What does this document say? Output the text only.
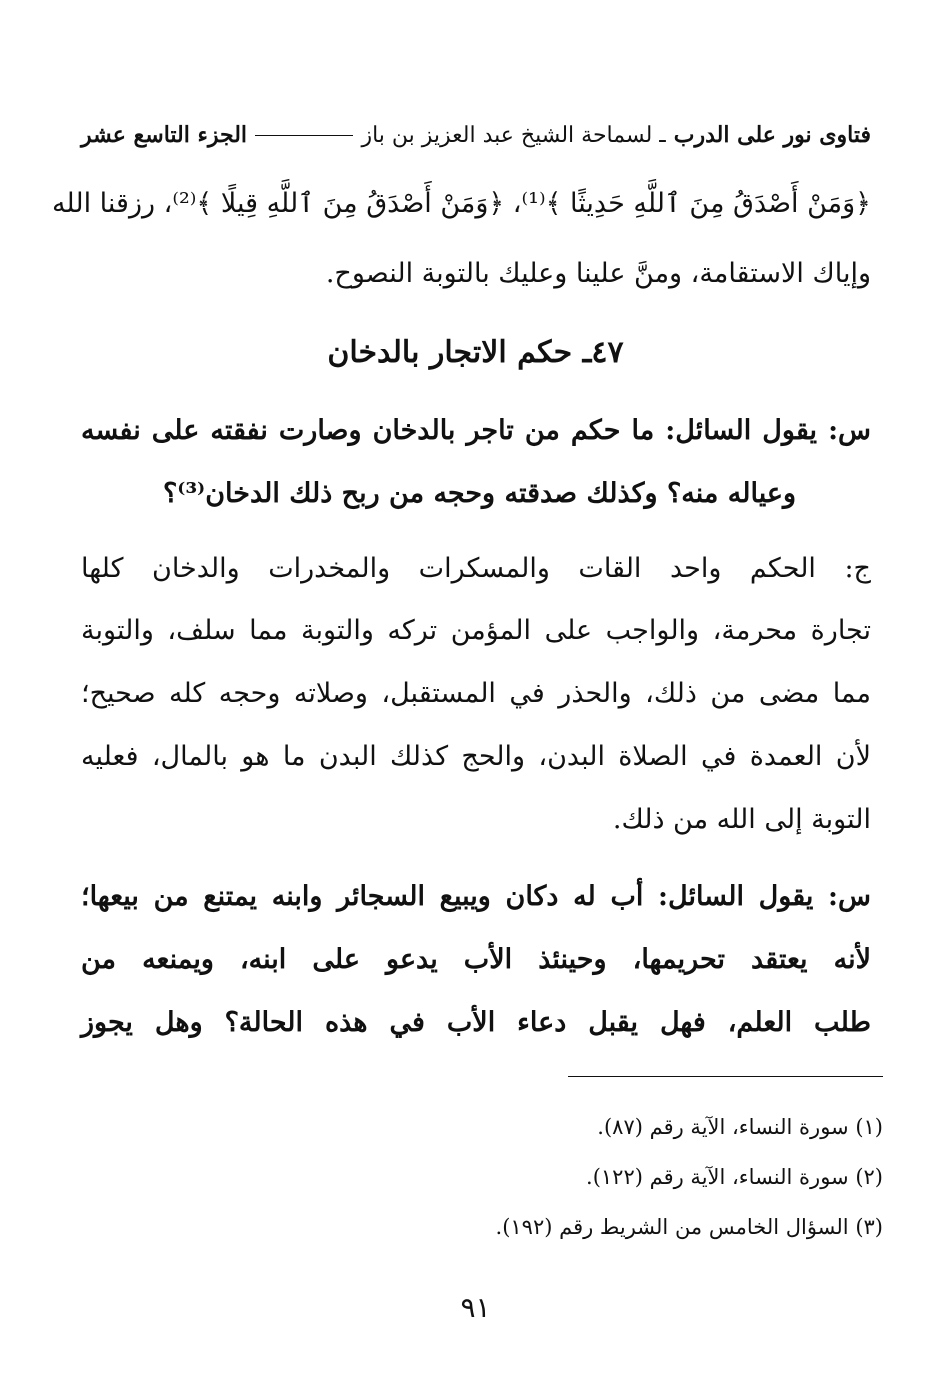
فتاوى نور على الدرب
ـ لسماحة الشيخ عبد العزيز بن باز
الجزء التاسع عشر
﴿وَمَنْ أَصْدَقُ مِنَ ٱللَّهِ حَدِيثًا ﴾⁽¹⁾، ﴿وَمَنْ أَصْدَقُ مِنَ ٱللَّهِ قِيلًا ﴾⁽²⁾، رزقنا الله
وإياك الاستقامة، ومنَّ علينا وعليك بالتوبة النصوح.
٤٧ـ حكم الاتجار بالدخان
س: يقول السائل: ما حكم من تاجر بالدخان وصارت نفقته على نفسه
وعياله منه؟ وكذلك صدقته وحجه من ربح ذلك الدخان⁽³⁾؟
ج: الحكم واحد القات والمسكرات والمخدرات والدخان كلها
تجارة محرمة، والواجب على المؤمن تركه والتوبة مما سلف، والتوبة
مما مضى من ذلك، والحذر في المستقبل، وصلاته وحجه كله صحيح؛
لأن العمدة في الصلاة البدن، والحج كذلك البدن ما هو بالمال، فعليه
التوبة إلى الله من ذلك.
س: يقول السائل: أب له دكان ويبيع السجائر وابنه يمتنع من بيعها؛
لأنه يعتقد تحريمها، وحينئذ الأب يدعو على ابنه، ويمنعه من
طلب العلم، فهل يقبل دعاء الأب في هذه الحالة؟ وهل يجوز
(١) سورة النساء، الآية رقم (٨٧).
(٢) سورة النساء، الآية رقم (١٢٢).
(٣) السؤال الخامس من الشريط رقم (١٩٢).
٩١
